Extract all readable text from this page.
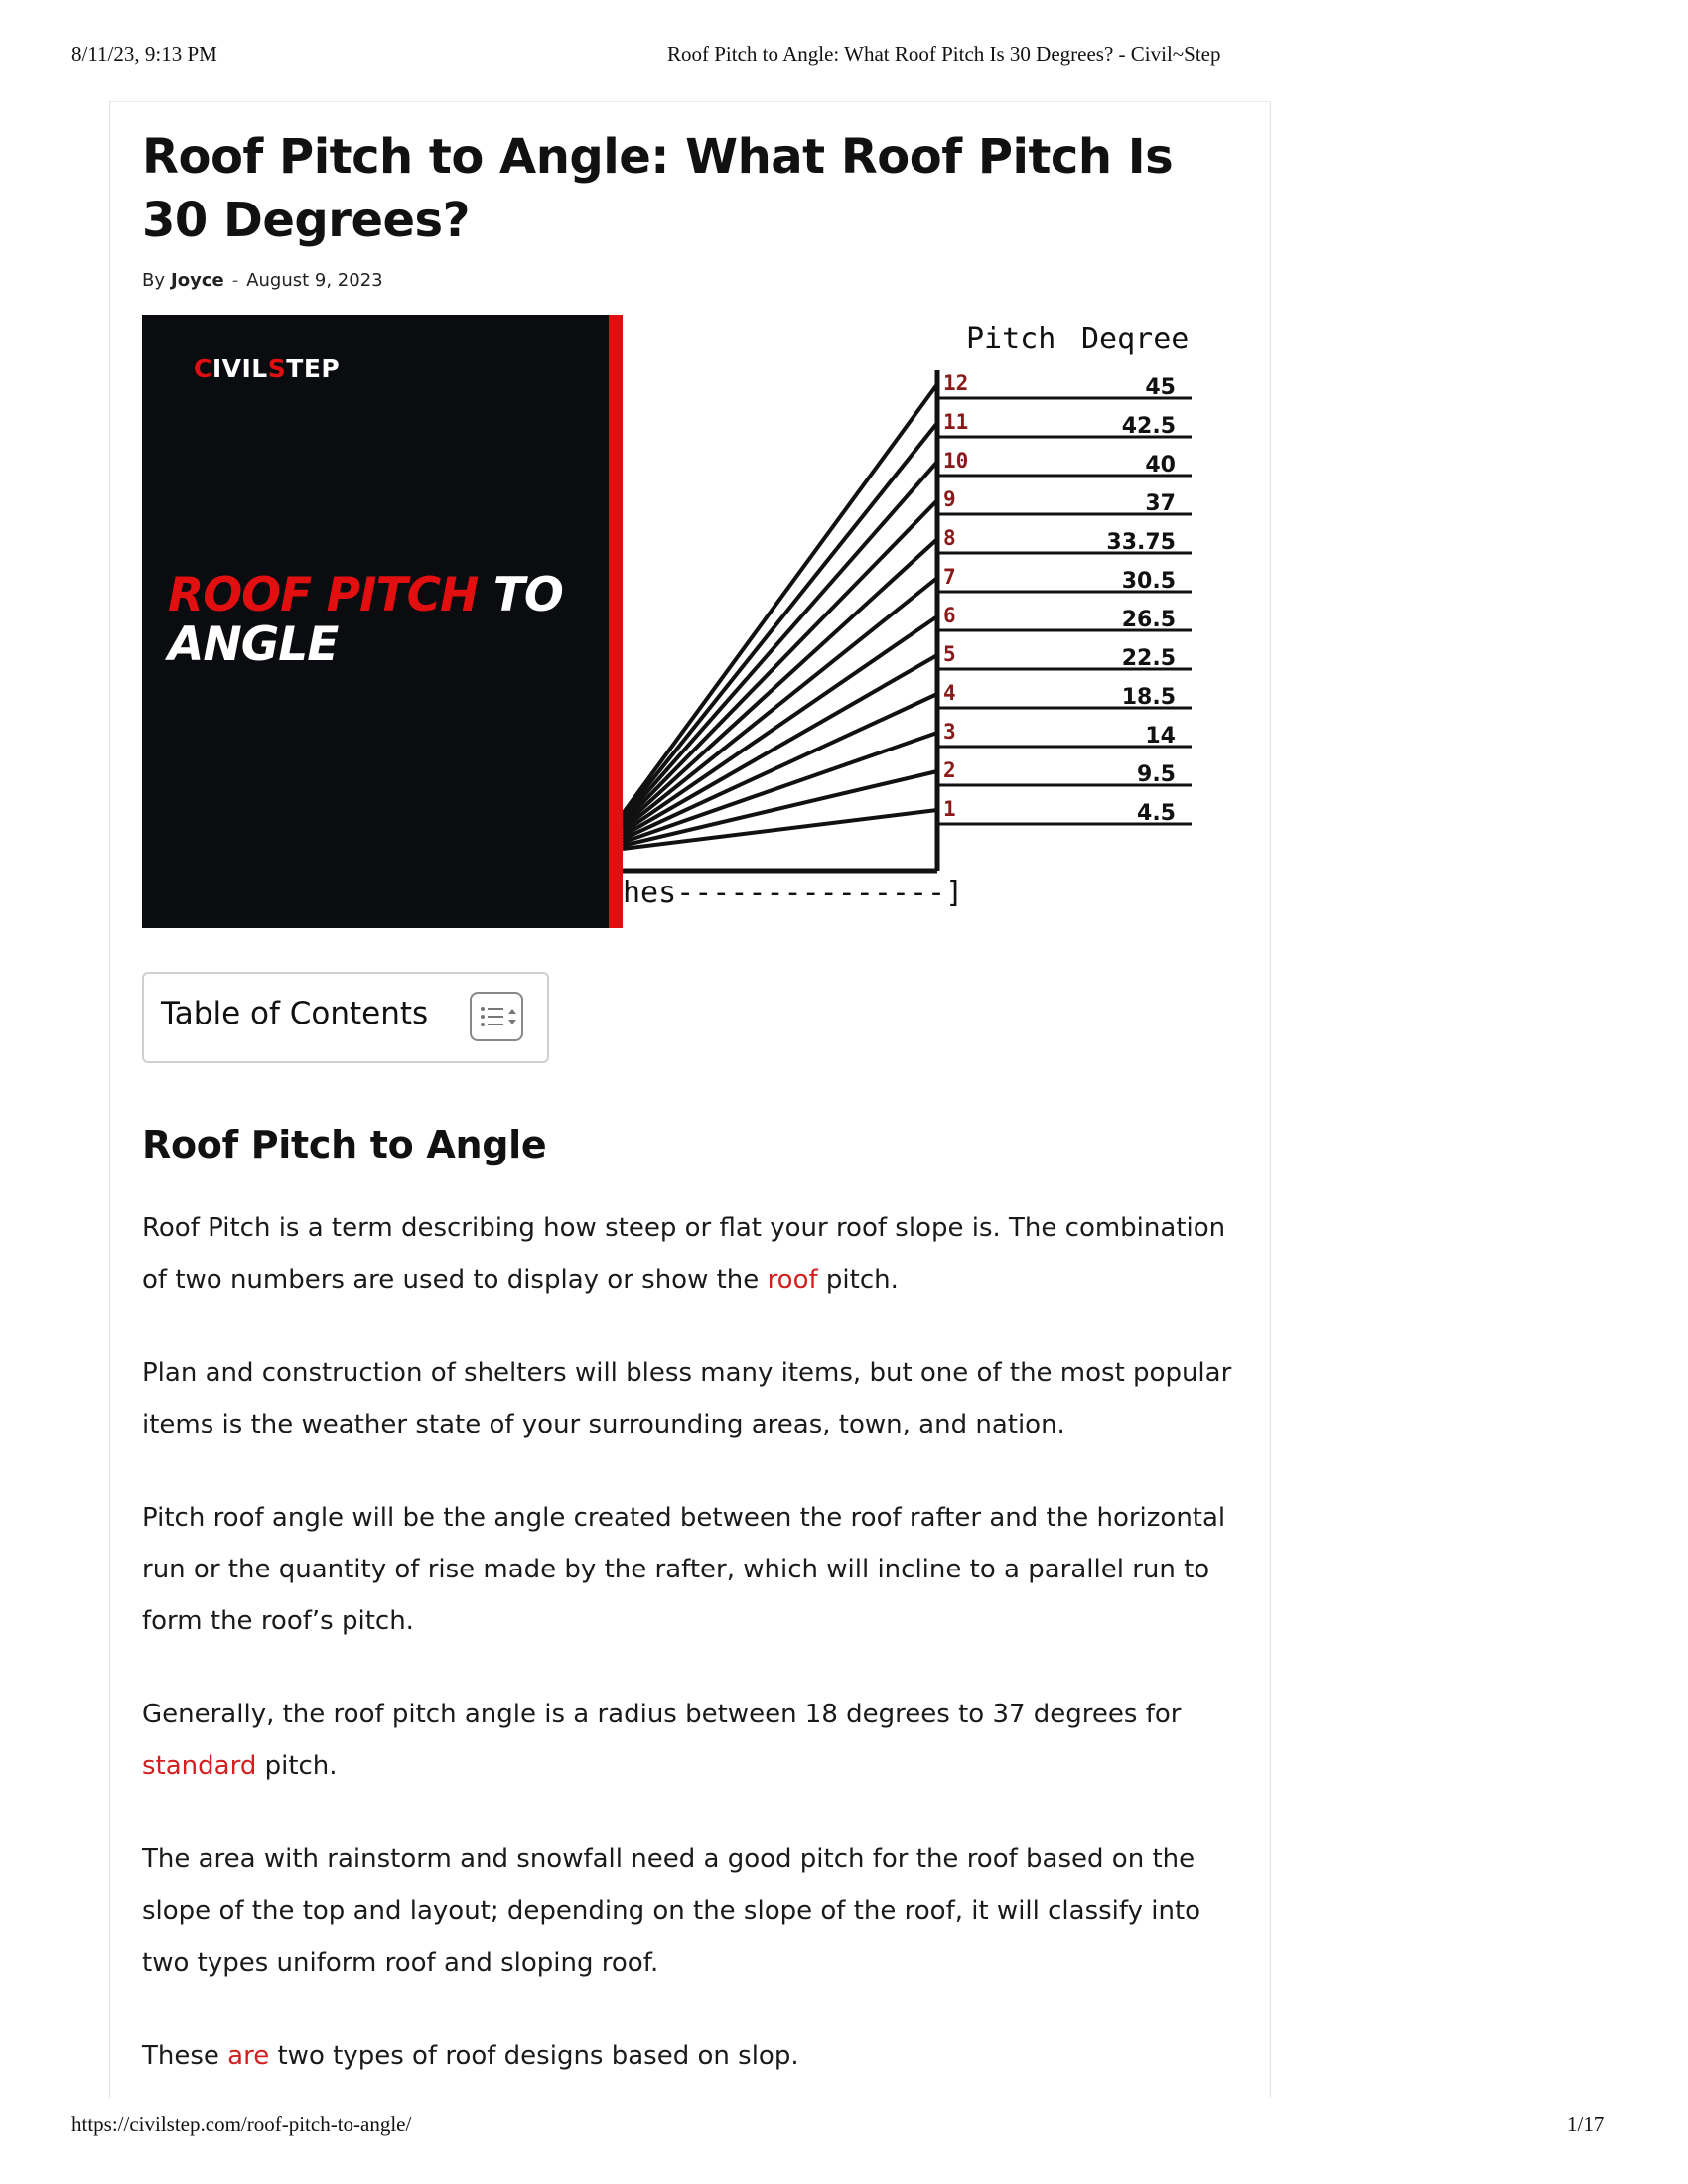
8/11/23, 9:13 PM	Roof Pitch to Angle: What Roof Pitch Is 30 Degrees? - Civil~Step
Roof Pitch to Angle: What Roof Pitch Is 30 Degrees?
By Joyce - August 9, 2023
CIVILSTEP
ROOF PITCH TO
ANGLE
Pitch Deqree
12	45
11	42.5
10	40
9	37
8	33.75
7	30.5
6	26.5
5	22.5
4	18.5
3	14
2	9.5
1	4.5
hes---------------]
Table of Contents
Roof Pitch to Angle

Roof Pitch is a term describing how steep or flat your roof slope is. The combination of two numbers are used to display or show the roof pitch.

Plan and construction of shelters will bless many items, but one of the most popular items is the weather state of your surrounding areas, town, and nation.

Pitch roof angle will be the angle created between the roof rafter and the horizontal run or the quantity of rise made by the rafter, which will incline to a parallel run to form the roof’s pitch.

Generally, the roof pitch angle is a radius between 18 degrees to 37 degrees for standard pitch.

The area with rainstorm and snowfall need a good pitch for the roof based on the slope of the top and layout; depending on the slope of the roof, it will classify into two types uniform roof and sloping roof.

These are two types of roof designs based on slop.

https://civilstep.com/roof-pitch-to-angle/	1/17
